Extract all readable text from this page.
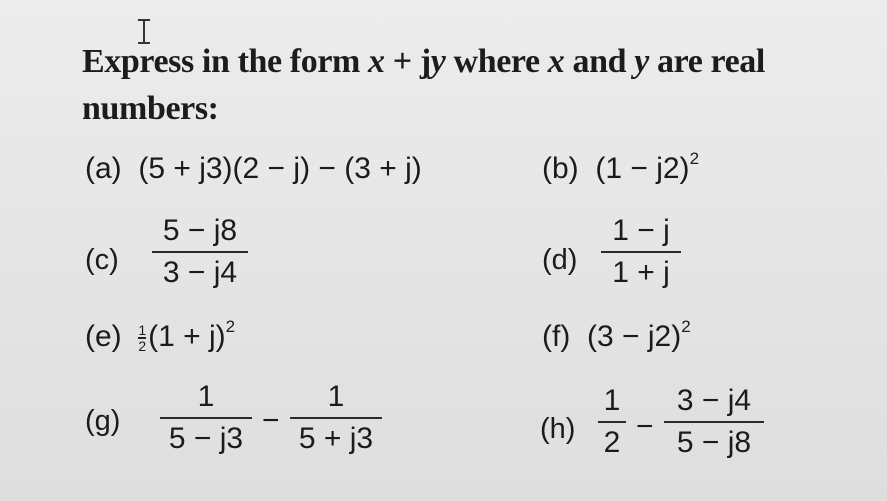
Express in the form x + jy where x and y are real numbers:
(a) (5 + j3)(2 − j) − (3 + j)	(b) $(1 - j2)^2$
(c)
5 − j8
3 − j4	(d)
1 − j
1 + j
$(e) \frac{1}{2}(1 + j)^2$	(f) $(3 - j2)^2$
(g)
1
5 − j3
−
1
5 + j3	(h)
1
2 −
3 − j4
5 − j8
